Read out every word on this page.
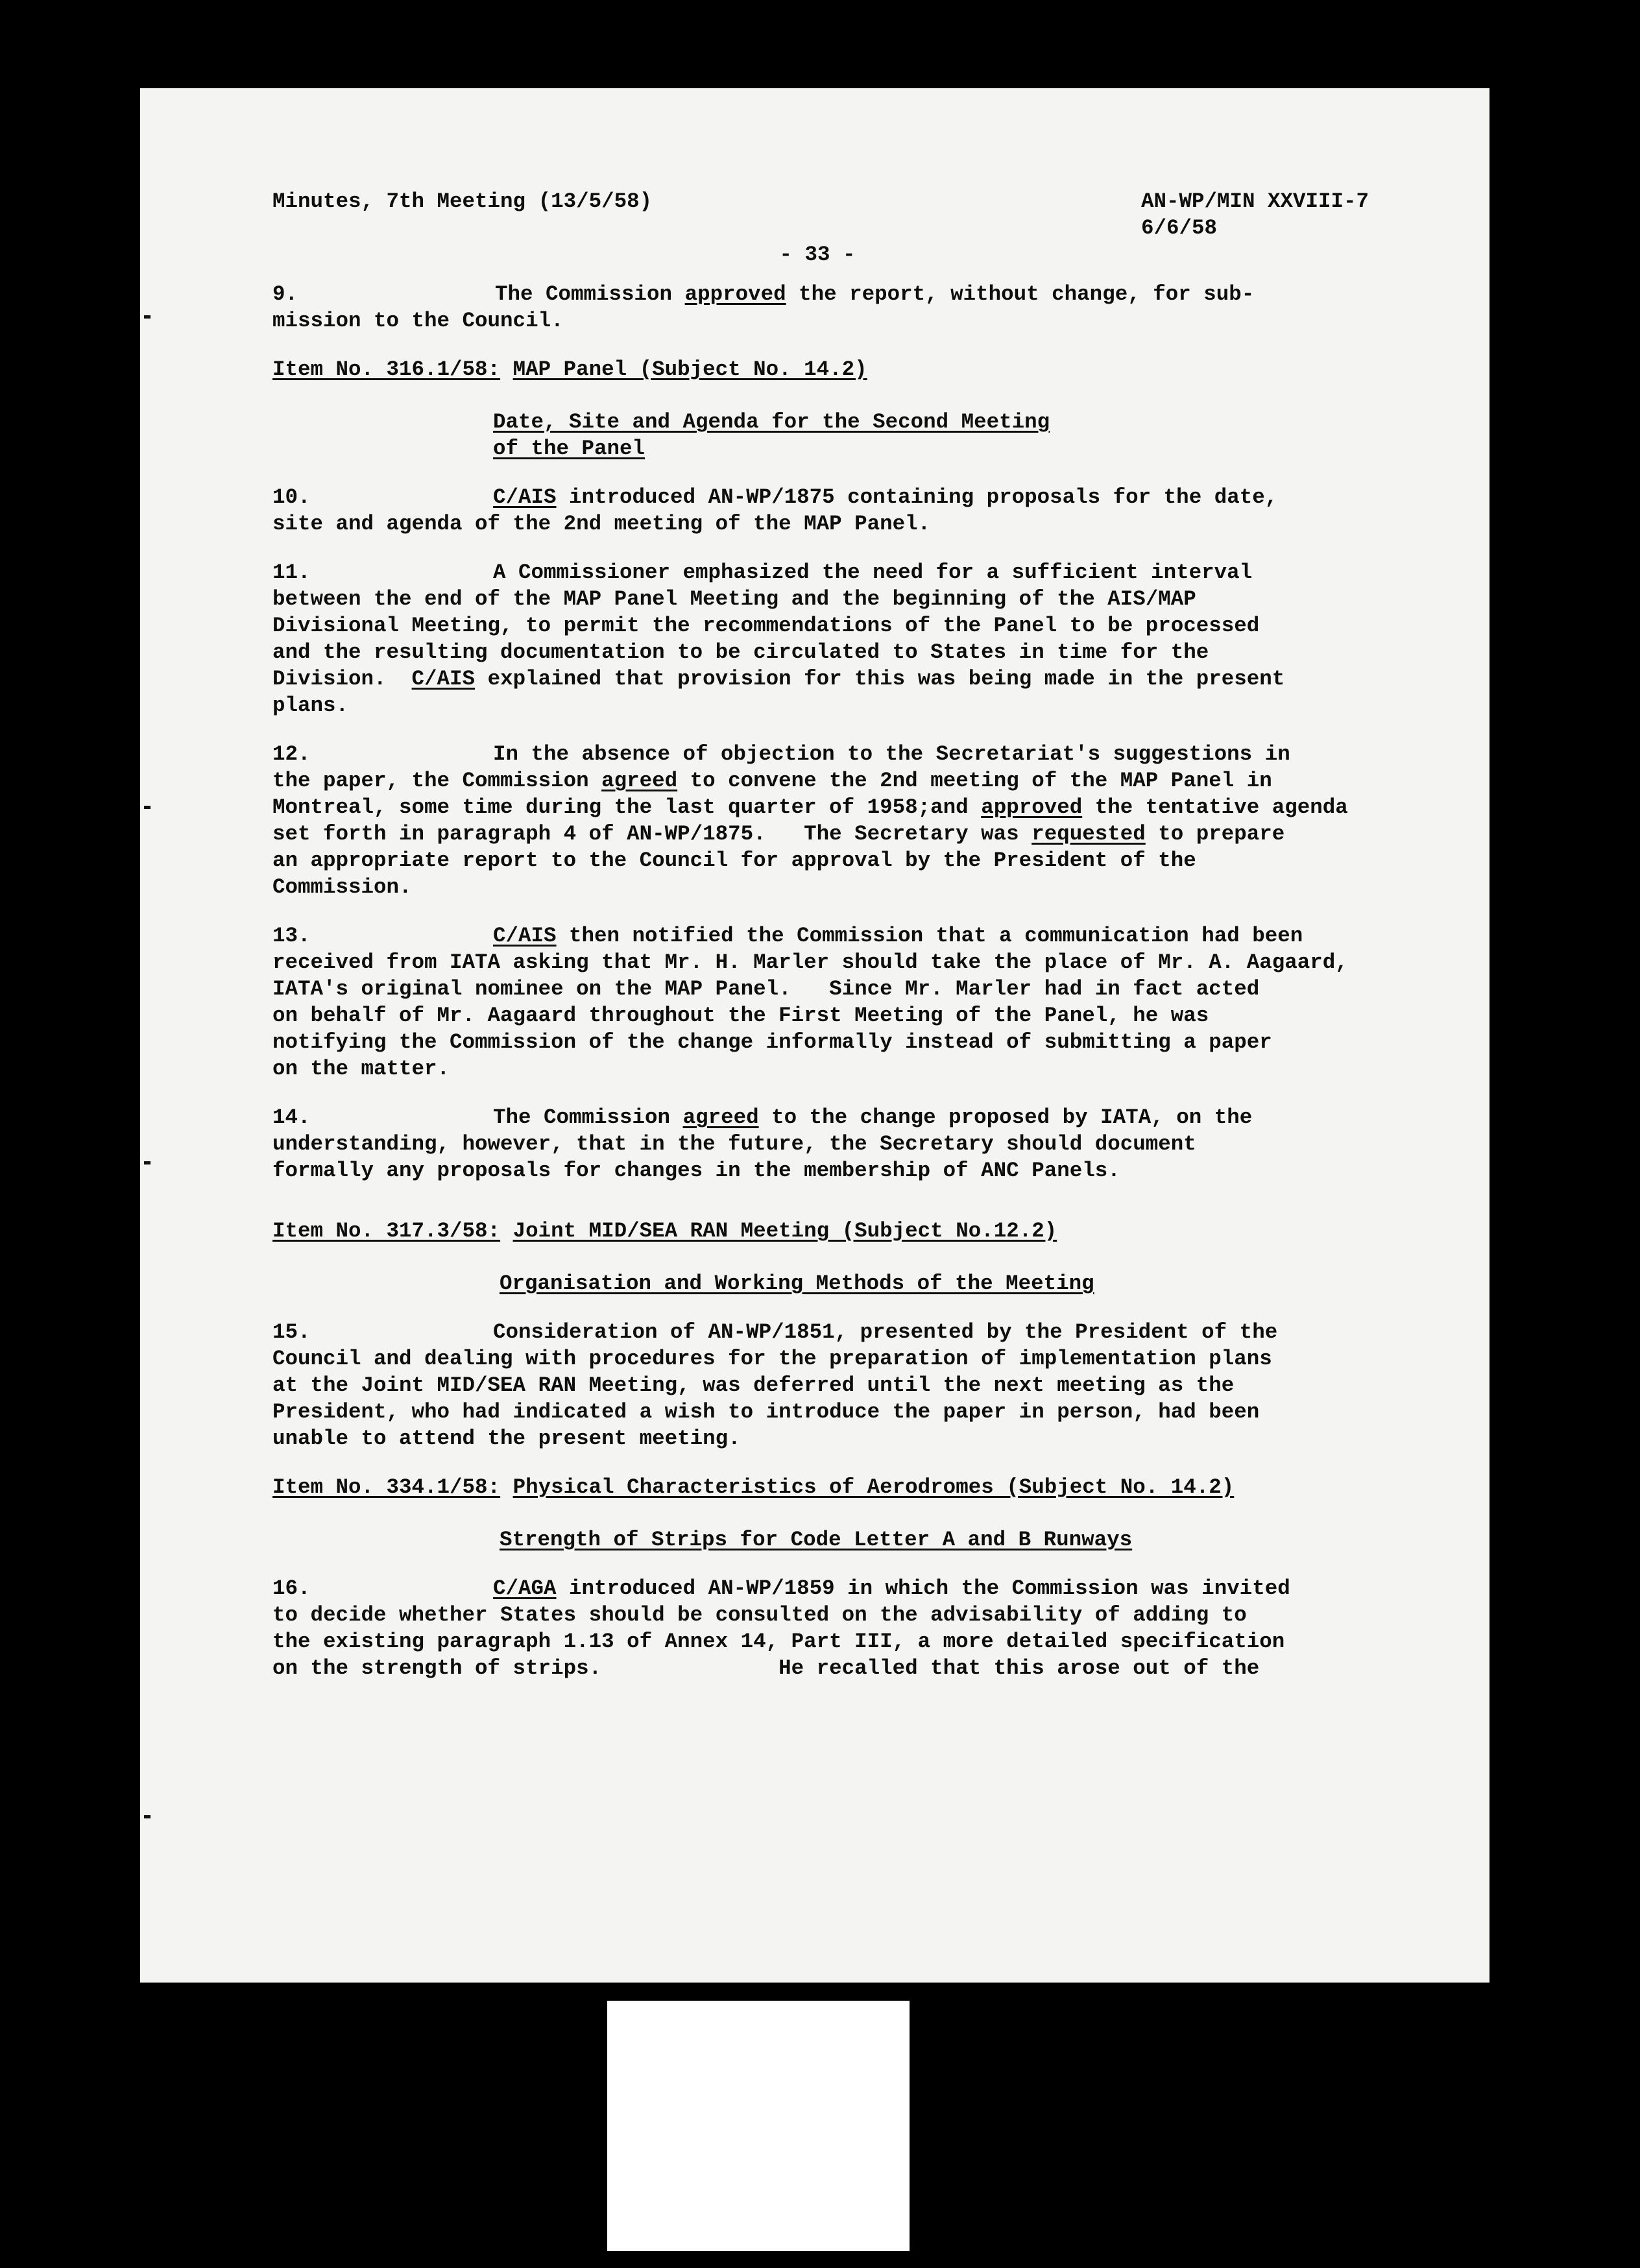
Minutes, 7th Meeting (13/5/58)	AN-WP/MIN XXVIII-7
6/6/58
- 33 -
9.	The Commission approved the report, without change, for sub-
mission to the Council.
Item No. 316.1/58: MAP Panel (Subject No. 14.2)
Date, Site and Agenda for the Second Meeting
of the Panel
10.	C/AIS introduced AN-WP/1875 containing proposals for the date,
site and agenda of the 2nd meeting of the MAP Panel.
11.	A Commissioner emphasized the need for a sufficient interval
between the end of the MAP Panel Meeting and the beginning of the AIS/MAP
Divisional Meeting, to permit the recommendations of the Panel to be processed
and the resulting documentation to be circulated to States in time for the
Division.  C/AIS explained that provision for this was being made in the present
plans.
12.	In the absence of objection to the Secretariat's suggestions in
the paper, the Commission agreed to convene the 2nd meeting of the MAP Panel in
Montreal, some time during the last quarter of 1958;and approved the tentative agenda
set forth in paragraph 4 of AN-WP/1875.   The Secretary was requested to prepare
an appropriate report to the Council for approval by the President of the
Commission.
13.	C/AIS then notified the Commission that a communication had been
received from IATA asking that Mr. H. Marler should take the place of Mr. A. Aagaard,
IATA's original nominee on the MAP Panel.   Since Mr. Marler had in fact acted
on behalf of Mr. Aagaard throughout the First Meeting of the Panel, he was
notifying the Commission of the change informally instead of submitting a paper
on the matter.
14.	The Commission agreed to the change proposed by IATA, on the
understanding, however, that in the future, the Secretary should document
formally any proposals for changes in the membership of ANC Panels.
Item No. 317.3/58: Joint MID/SEA RAN Meeting (Subject No.12.2)
Organisation and Working Methods of the Meeting
15.	Consideration of AN-WP/1851, presented by the President of the
Council and dealing with procedures for the preparation of implementation plans
at the Joint MID/SEA RAN Meeting, was deferred until the next meeting as the
President, who had indicated a wish to introduce the paper in person, had been
unable to attend the present meeting.
Item No. 334.1/58: Physical Characteristics of Aerodromes (Subject No. 14.2)
Strength of Strips for Code Letter A and B Runways
16.	C/AGA introduced AN-WP/1859 in which the Commission was invited
to decide whether States should be consulted on the advisability of adding to
the existing paragraph 1.13 of Annex 14, Part III, a more detailed specification
on the strength of strips.              He recalled that this arose out of the
